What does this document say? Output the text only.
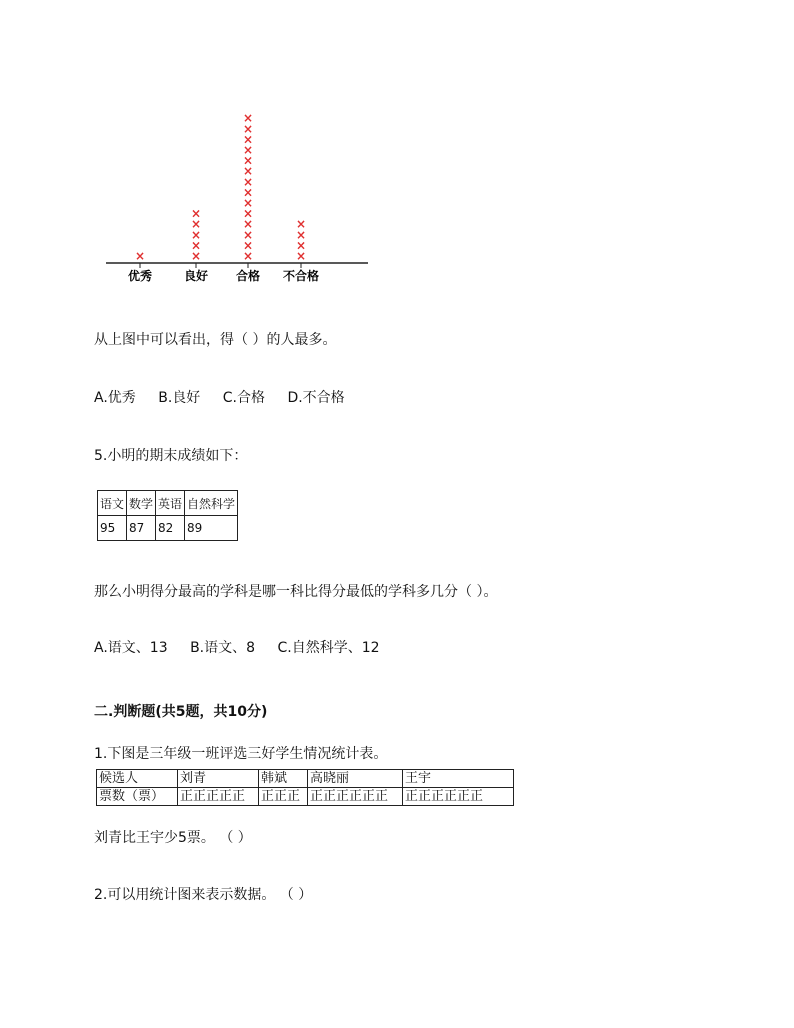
优秀
×
良好
×
×
×
×
×
合格
×
×
×
×
×
×
×
×
×
×
×
×
×
×
不合格
×
×
×
×
从上图中可以看出，得（ ）的人最多。
A.优秀 B.良好 C.合格 D.不合格
5.小明的期末成绩如下：
语文	数学	英语	自然科学
95	87	82	89
那么小明得分最高的学科是哪一科比得分最低的学科多几分（ ）。
A.语文、13 B.语文、8 C.自然科学、12
二.判断题(共5题，共10分)
1.下图是三年级一班评选三好学生情况统计表。
候选人	刘青	韩斌	高晓丽	王宇
票数（票）	正正正正正	正正正	正正正正正正	正正正正正正
刘青比王宇少5票。 （ ）
2.可以用统计图来表示数据。 （ ）
